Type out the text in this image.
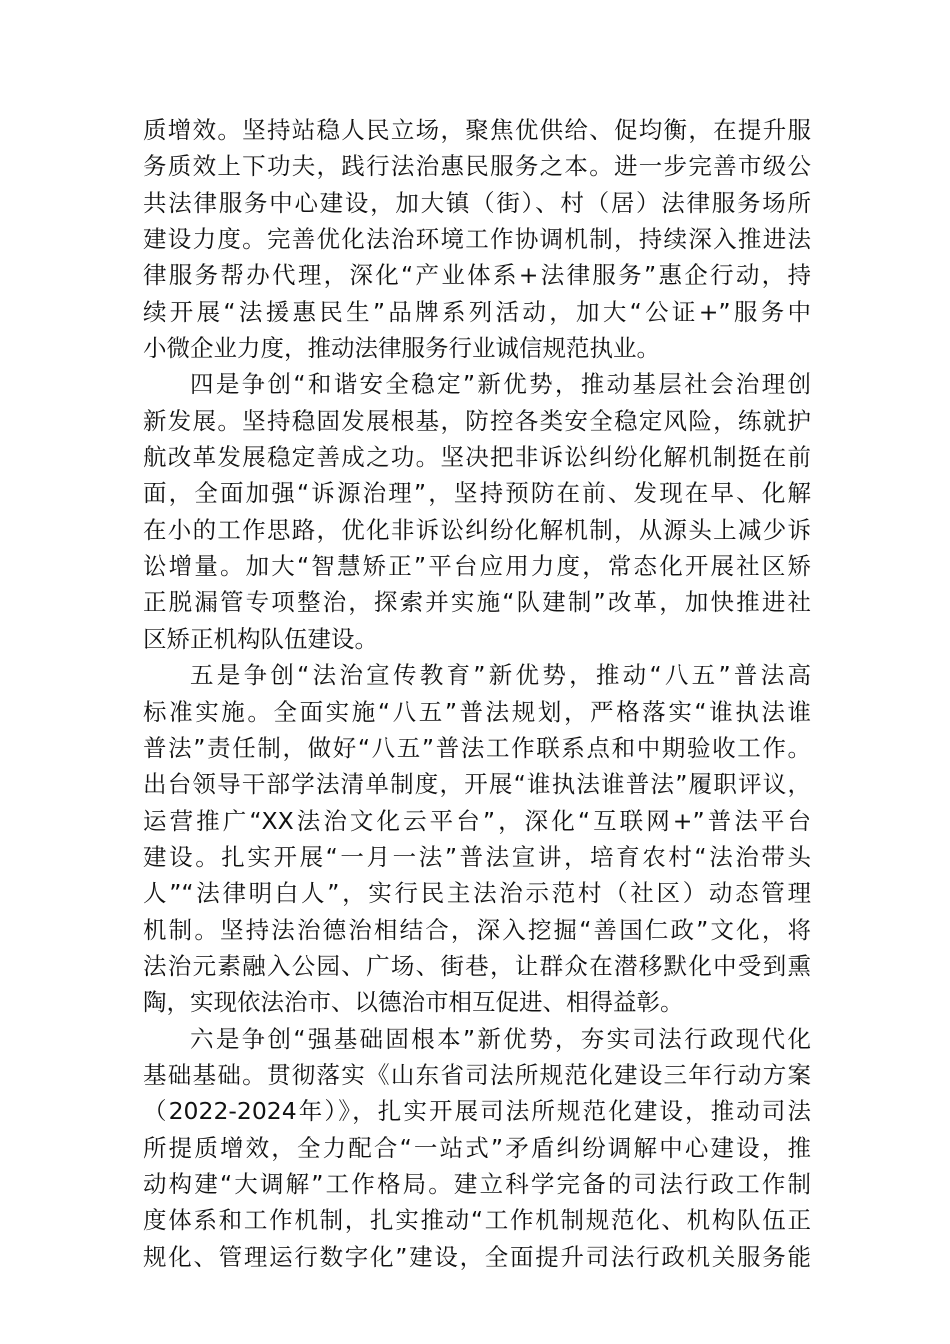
质增效。坚持站稳人民立场，聚焦优供给、促均衡，在提升服
务质效上下功夫，践行法治惠民服务之本。进一步完善市级公
共法律服务中心建设，加大镇（街）、村（居）法律服务场所
建设力度。完善优化法治环境工作协调机制，持续深入推进法
律服务帮办代理，深化“产业体系+法律服务”惠企行动，持
续开展“法援惠民生”品牌系列活动，加大“公证+”服务中
小微企业力度，推动法律服务行业诚信规范执业。

四是争创“和谐安全稳定”新优势，推动基层社会治理创
新发展。坚持稳固发展根基，防控各类安全稳定风险，练就护
航改革发展稳定善成之功。坚决把非诉讼纠纷化解机制挺在前
面，全面加强“诉源治理”，坚持预防在前、发现在早、化解
在小的工作思路，优化非诉讼纠纷化解机制，从源头上减少诉
讼增量。加大“智慧矫正”平台应用力度，常态化开展社区矫
正脱漏管专项整治，探索并实施“队建制”改革，加快推进社
区矫正机构队伍建设。

五是争创“法治宣传教育”新优势，推动“八五”普法高
标准实施。全面实施“八五”普法规划，严格落实“谁执法谁
普法”责任制，做好“八五”普法工作联系点和中期验收工作。
出台领导干部学法清单制度，开展“谁执法谁普法”履职评议，
运营推广“XX法治文化云平台”，深化“互联网+”普法平台
建设。扎实开展“一月一法”普法宣讲，培育农村“法治带头
人”“法律明白人”，实行民主法治示范村（社区）动态管理
机制。坚持法治德治相结合，深入挖掘“善国仁政”文化，将
法治元素融入公园、广场、街巷，让群众在潜移默化中受到熏
陶，实现依法治市、以德治市相互促进、相得益彰。

六是争创“强基础固根本”新优势，夯实司法行政现代化
基础基础。贯彻落实《山东省司法所规范化建设三年行动方案
（2022-2024年）》，扎实开展司法所规范化建设，推动司法
所提质增效，全力配合“一站式”矛盾纠纷调解中心建设，推
动构建“大调解”工作格局。建立科学完备的司法行政工作制
度体系和工作机制，扎实推动“工作机制规范化、机构队伍正
规化、管理运行数字化”建设，全面提升司法行政机关服务能
